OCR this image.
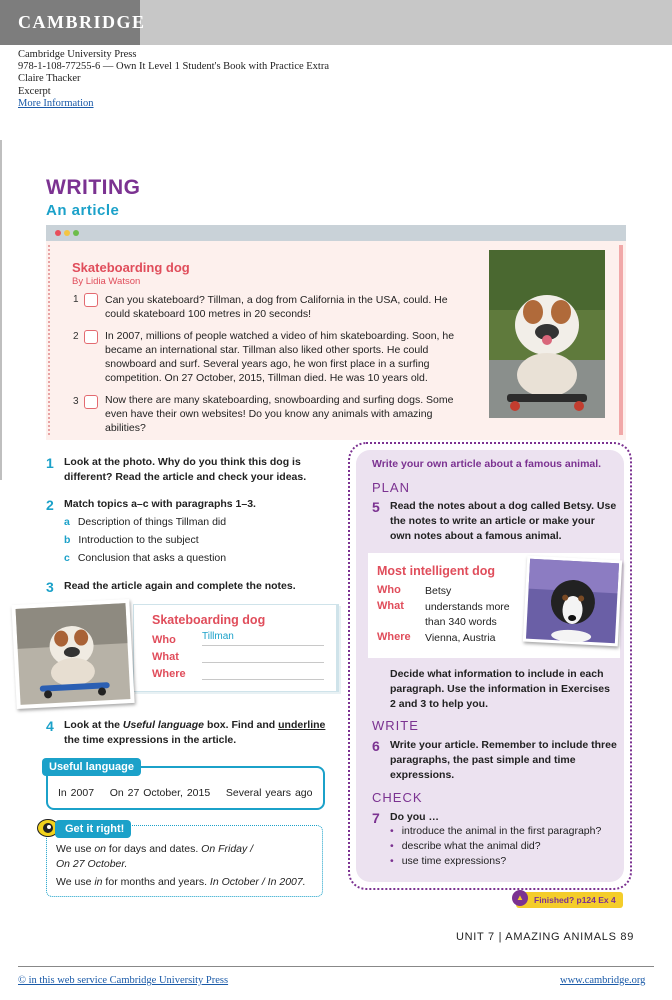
CAMBRIDGE
Cambridge University Press
978-1-108-77255-6 — Own It Level 1 Student's Book with Practice Extra
Claire Thacker
Excerpt
More Information
WRITING
An article
Skateboarding dog
By Lidia Watson
1	Can you skateboard? Tillman, a dog from California in the USA, could. He could skateboard 100 metres in 20 seconds!
2	In 2007, millions of people watched a video of him skateboarding. Soon, he became an international star. Tillman also liked other sports. He could snowboard and surf. Several years ago, he won first place in a surfing competition. On 27 October, 2015, Tillman died. He was 10 years old.
3	Now there are many skateboarding, snowboarding and surfing dogs. Some even have their own websites! Do you know any animals with amazing abilities?
1 Look at the photo. Why do you think this dog is different? Read the article and check your ideas.
2 Match topics a–c with paragraphs 1–3.
a Description of things Tillman did
b Introduction to the subject
c Conclusion that asks a question
3 Read the article again and complete the notes.
Skateboarding dog
Who	Tillman
What
Where
4 Look at the Useful language box. Find and underline the time expressions in the article.
Useful language
In 2007    On 27 October, 2015    Several years ago
Get it right!
We use on for days and dates. On Friday /
On 27 October.
We use in for months and years. In October / In 2007.
Write your own article about a famous animal.
PLAN
5 Read the notes about a dog called Betsy. Use the notes to write an article or make your own notes about a famous animal.
Most intelligent dog
Who Betsy
What understands more than 340 words
Where Vienna, Austria
Decide what information to include in each paragraph. Use the information in Exercises 2 and 3 to help you.
WRITE
6 Write your article. Remember to include three paragraphs, the past simple and time expressions.
CHECK
7 Do you …
• introduce the animal in the first paragraph?
• describe what the animal did?
• use time expressions?
Finished? p124 Ex 4
▲
UNIT 7 | AMAZING ANIMALS 89
© in this web service Cambridge University Press	www.cambridge.org
